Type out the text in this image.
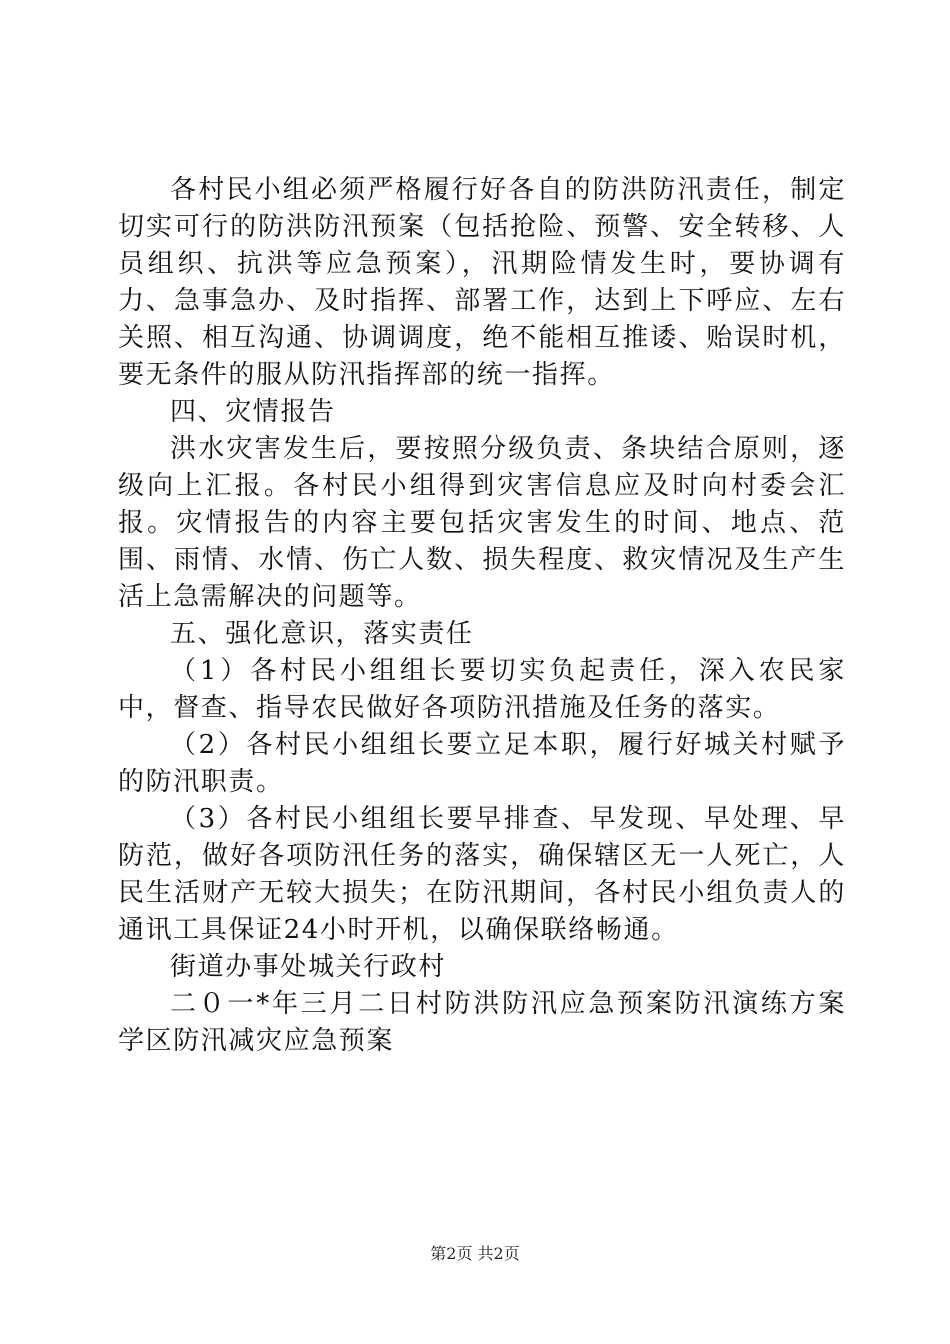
各村民小组必须严格履行好各自的防洪防汛责任，制定切实可行的防洪防汛预案（包括抢险、预警、安全转移、人员组织、抗洪等应急预案），汛期险情发生时，要协调有力、急事急办、及时指挥、部署工作，达到上下呼应、左右关照、相互沟通、协调调度，绝不能相互推诿、贻误时机，要无条件的服从防汛指挥部的统一指挥。

四、灾情报告

洪水灾害发生后，要按照分级负责、条块结合原则，逐级向上汇报。各村民小组得到灾害信息应及时向村委会汇报。灾情报告的内容主要包括灾害发生的时间、地点、范围、雨情、水情、伤亡人数、损失程度、救灾情况及生产生活上急需解决的问题等。

五、强化意识，落实责任

（1）各村民小组组长要切实负起责任，深入农民家中，督查、指导农民做好各项防汛措施及任务的落实。

（2）各村民小组组长要立足本职，履行好城关村赋予的防汛职责。

（3）各村民小组组长要早排查、早发现、早处理、早防范，做好各项防汛任务的落实，确保辖区无一人死亡，人民生活财产无较大损失；在防汛期间，各村民小组负责人的通讯工具保证24小时开机，以确保联络畅通。

街道办事处城关行政村

二０一*年三月二日村防洪防汛应急预案防汛演练方案学区防汛减灾应急预案

第2页 共2页
